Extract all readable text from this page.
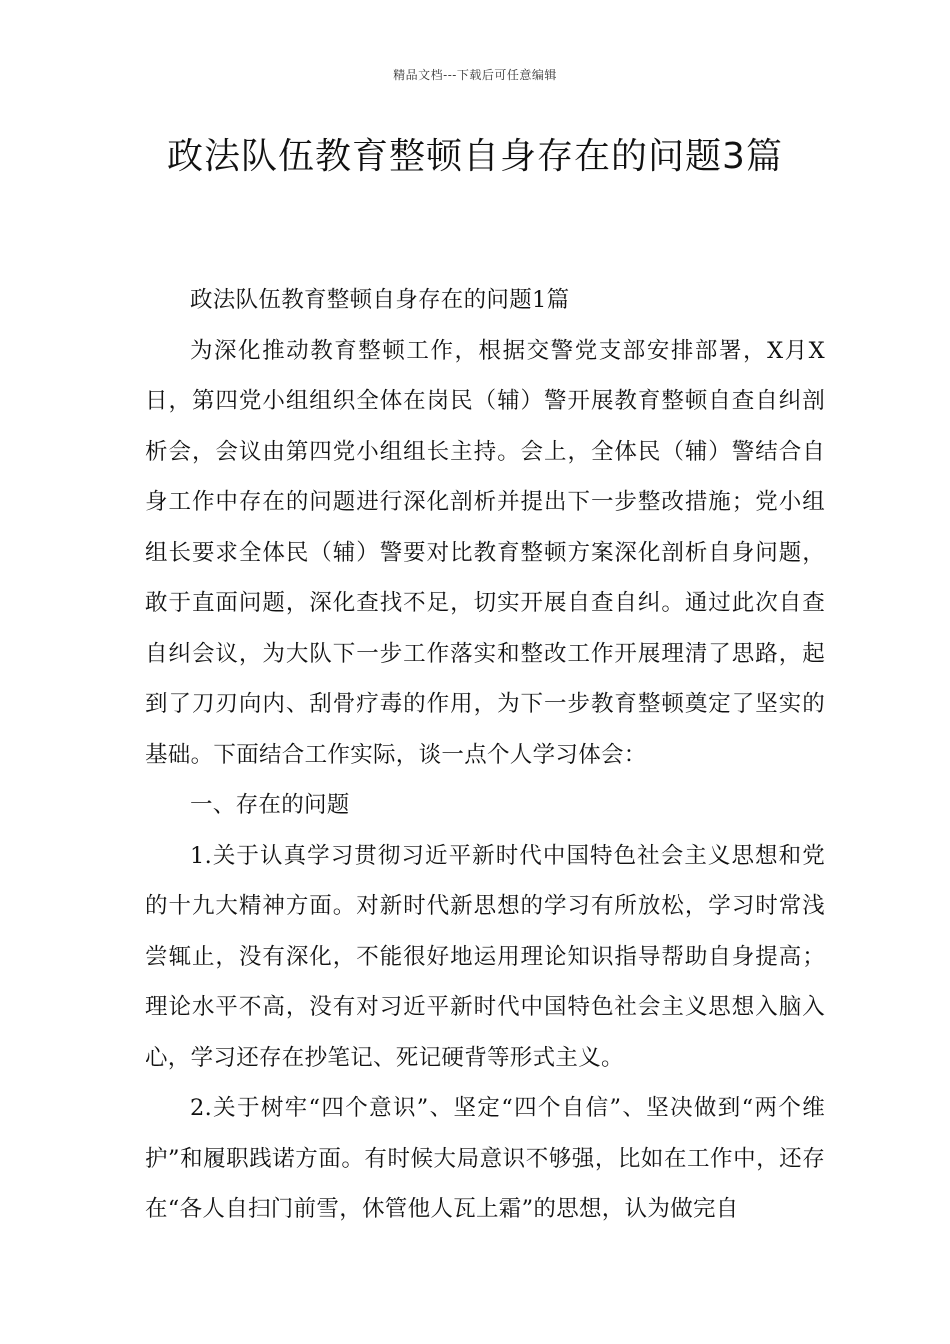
精品文档---下载后可任意编辑
政法队伍教育整顿自身存在的问题3篇

政法队伍教育整顿自身存在的问题1篇

为深化推动教育整顿工作，根据交警党支部安排部署，X月X日，第四党小组组织全体在岗民（辅）警开展教育整顿自查自纠剖析会，会议由第四党小组组长主持。会上，全体民（辅）警结合自身工作中存在的问题进行深化剖析并提出下一步整改措施；党小组组长要求全体民（辅）警要对比教育整顿方案深化剖析自身问题，敢于直面问题，深化查找不足，切实开展自查自纠。通过此次自查自纠会议，为大队下一步工作落实和整改工作开展理清了思路，起到了刀刃向内、刮骨疗毒的作用，为下一步教育整顿奠定了坚实的基础。下面结合工作实际，谈一点个人学习体会：

一、存在的问题

1.关于认真学习贯彻习近平新时代中国特色社会主义思想和党的十九大精神方面。对新时代新思想的学习有所放松，学习时常浅尝辄止，没有深化，不能很好地运用理论知识指导帮助自身提高；理论水平不高，没有对习近平新时代中国特色社会主义思想入脑入心，学习还存在抄笔记、死记硬背等形式主义。

2.关于树牢“四个意识”、坚定“四个自信”、坚决做到“两个维护”和履职践诺方面。有时候大局意识不够强，比如在工作中，还存在“各人自扫门前雪，休管他人瓦上霜”的思想，认为做完自
